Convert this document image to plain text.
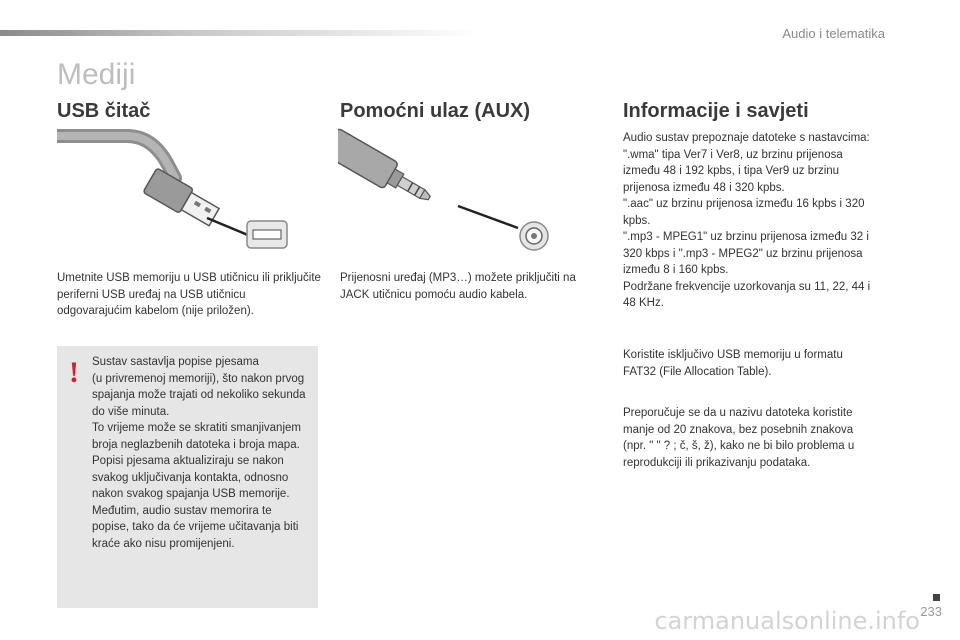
Audio i telematika
Mediji
USB čitač

Umetnite USB memoriju u USB utičnicu ili priključite periferni USB uređaj na USB utičnicu odgovarajućim kabelom (nije priložen).

! Sustav sastavlja popise pjesama
(u privremenoj memoriji), što nakon prvog spajanja može trajati od nekoliko sekunda do više minuta.
To vrijeme može se skratiti smanjivanjem broja neglazbenih datoteka i broja mapa.
Popisi pjesama aktualiziraju se nakon svakog uključivanja kontakta, odnosno nakon svakog spajanja USB memorije.
Međutim, audio sustav memorira te popise, tako da će vrijeme učitavanja biti kraće ako nisu promijenjeni.

Pomoćni ulaz (AUX)

Prijenosni uređaj (MP3…) možete priključiti na JACK utičnicu pomoću audio kabela.

Informacije i savjeti

Audio sustav prepoznaje datoteke s nastavcima:
".wma" tipa Ver7 i Ver8, uz brzinu prijenosa između 48 i 192 kpbs, i tipa Ver9 uz brzinu prijenosa između 48 i 320 kpbs.
".aac" uz brzinu prijenosa između 16 kpbs i 320 kpbs.
".mp3 - MPEG1" uz brzinu prijenosa između 32 i 320 kbps i ".mp3 - MPEG2" uz brzinu prijenosa između 8 i 160 kpbs.
Podržane frekvencije uzorkovanja su 11, 22, 44 i 48 KHz.

Koristite isključivo USB memoriju u formatu FAT32 (File Allocation Table).

Preporučuje se da u nazivu datoteka koristite manje od 20 znakova, bez posebnih znakova (npr. " " ? ; č, š, ž), kako ne bi bilo problema u reprodukciji ili prikazivanju podataka.

233
carmanualsonline.info
